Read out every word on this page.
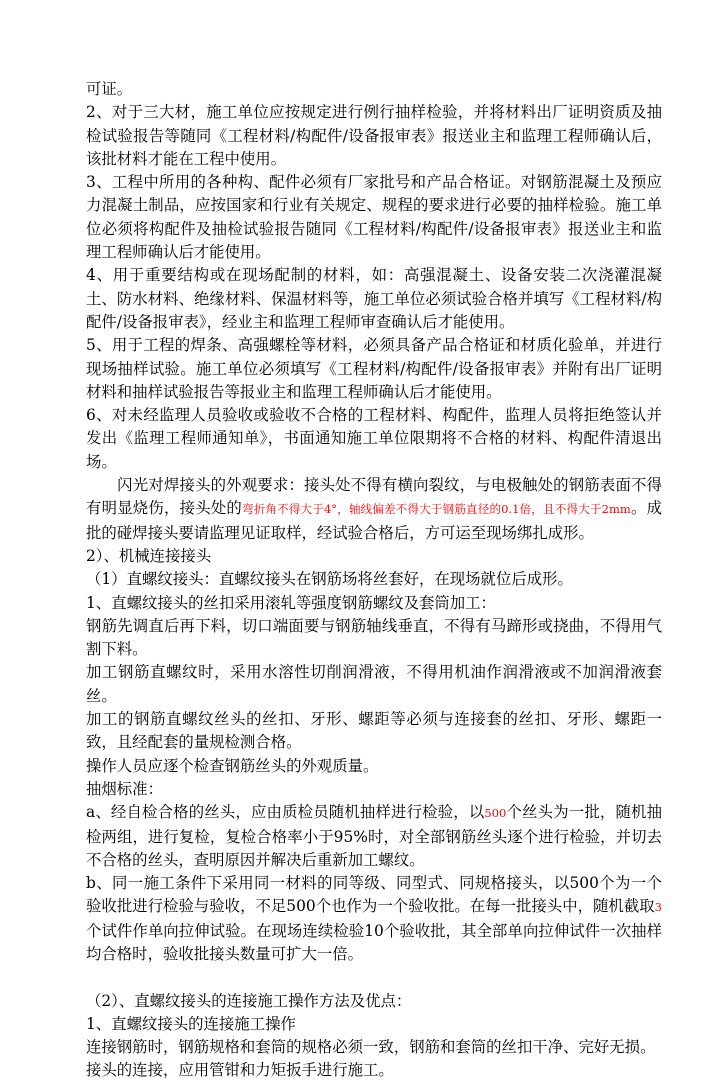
可证。

2、对于三大材，施工单位应按规定进行例行抽样检验，并将材料出厂证明资质及抽检试验报告等随同《工程材料/构配件/设备报审表》报送业主和监理工程师确认后，该批材料才能在工程中使用。

3、工程中所用的各种构、配件必须有厂家批号和产品合格证。对钢筋混凝土及预应力混凝土制品，应按国家和行业有关规定、规程的要求进行必要的抽样检验。施工单位必须将构配件及抽检试验报告随同《工程材料/构配件/设备报审表》报送业主和监理工程师确认后才能使用。

4、用于重要结构或在现场配制的材料，如：高强混凝土、设备安装二次浇灌混凝土、防水材料、绝缘材料、保温材料等，施工单位必须试验合格并填写《工程材料/构配件/设备报审表》，经业主和监理工程师审查确认后才能使用。

5、用于工程的焊条、高强螺栓等材料，必须具备产品合格证和材质化验单，并进行现场抽样试验。施工单位必须填写《工程材料/构配件/设备报审表》并附有出厂证明材料和抽样试验报告等报业主和监理工程师确认后才能使用。

6、对未经监理人员验收或验收不合格的工程材料、构配件，监理人员将拒绝签认并发出《监理工程师通知单》，书面通知施工单位限期将不合格的材料、构配件清退出场。

　　闪光对焊接头的外观要求：接头处不得有横向裂纹，与电极触处的钢筋表面不得有明显烧伤，接头处的弯折角不得大于4°，轴线偏差不得大于钢筋直径的0.1倍，且不得大于2mm。成批的碰焊接头要请监理见证取样，经试验合格后，方可运至现场绑扎成形。

2）、机械连接接头

（1）直螺纹接头：直螺纹接头在钢筋场将丝套好，在现场就位后成形。

1、直螺纹接头的丝扣采用滚轧等强度钢筋螺纹及套筒加工：

钢筋先调直后再下料，切口端面要与钢筋轴线垂直，不得有马蹄形或挠曲，不得用气割下料。

加工钢筋直螺纹时，采用水溶性切削润滑液，不得用机油作润滑液或不加润滑液套丝。

加工的钢筋直螺纹丝头的丝扣、牙形、螺距等必须与连接套的丝扣、牙形、螺距一致，且经配套的量规检测合格。

操作人员应逐个检查钢筋丝头的外观质量。

抽烟标准：

a、经自检合格的丝头，应由质检员随机抽样进行检验，以500个丝头为一批，随机抽检两组，进行复检，复检合格率小于95%时，对全部钢筋丝头逐个进行检验，并切去不合格的丝头，查明原因并解决后重新加工螺纹。

b、同一施工条件下采用同一材料的同等级、同型式、同规格接头，以500个为一个验收批进行检验与验收，不足500个也作为一个验收批。在每一批接头中，随机截取3个试件作单向拉伸试验。在现场连续检验10个验收批，其全部单向拉伸试件一次抽样均合格时，验收批接头数量可扩大一倍。

（2）、直螺纹接头的连接施工操作方法及优点：

1、直螺纹接头的连接施工操作

连接钢筋时，钢筋规格和套筒的规格必须一致，钢筋和套筒的丝扣干净、完好无损。

接头的连接，应用管钳和力矩扳手进行施工。
